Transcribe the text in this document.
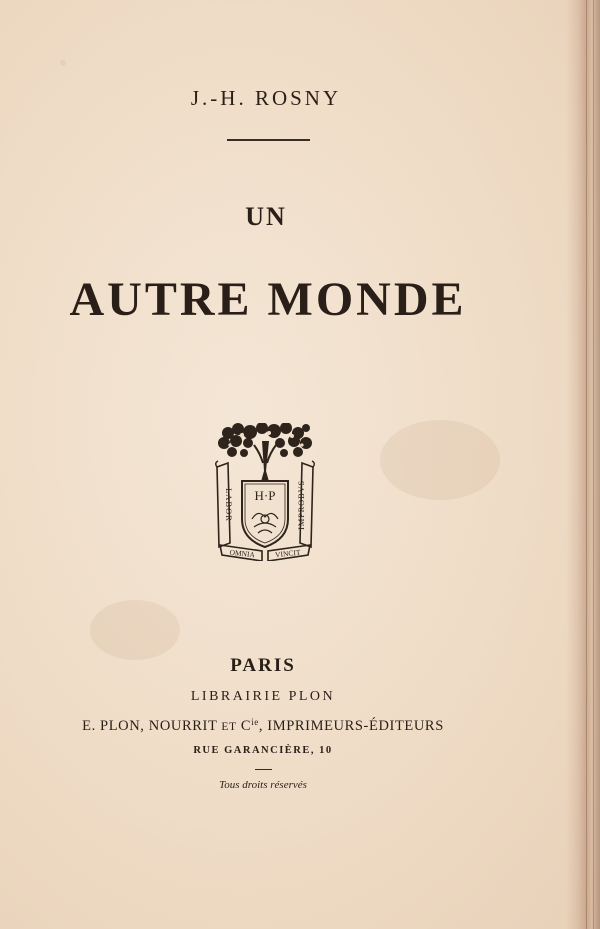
J.-H. ROSNY
UN
AUTRE MONDE
H·P
LABOR	IMPROBVS
OMNIA	VINCIT
PARIS
LIBRAIRIE PLON
E. PLON, NOURRIT ET $C^{ie}$, IMPRIMEURS-ÉDITEURS
RUE GARANCIÈRE, 10
Tous droits réservés
